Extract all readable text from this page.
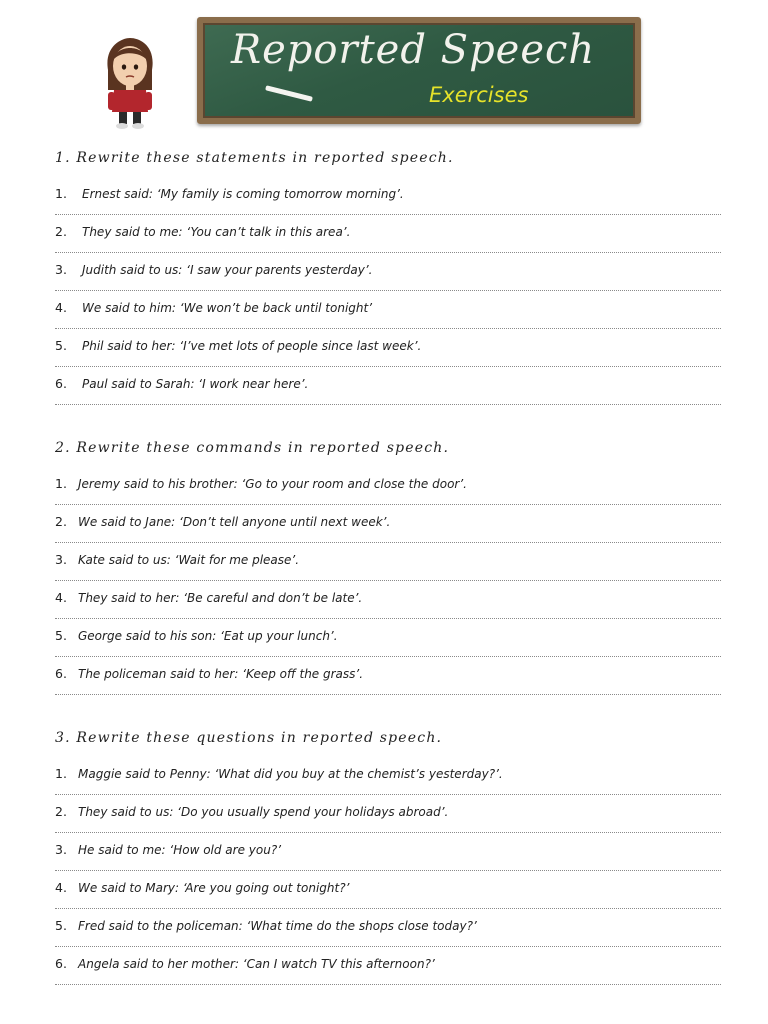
Reported Speech
Exercises
1. Rewrite these statements in reported speech.
1. Ernest said: ‘My family is coming tomorrow morning’.
2. They said to me: ‘You can’t talk in this area’.
3. Judith said to us: ‘I saw your parents yesterday’.
4. We said to him: ‘We won’t be back until tonight’
5. Phil said to her: ‘I’ve met lots of people since last week’.
6. Paul said to Sarah: ‘I work near here’.
2. Rewrite these commands in reported speech.
1. Jeremy said to his brother: ‘Go to your room and close the door’.
2. We said to Jane: ‘Don’t tell anyone until next week’.
3. Kate said to us: ‘Wait for me please’.
4. They said to her: ‘Be careful and don’t be late’.
5. George said to his son: ‘Eat up your lunch’.
6. The policeman said to her: ‘Keep off the grass’.
3. Rewrite these questions in reported speech.
1. Maggie said to Penny: ‘What did you buy at the chemist’s yesterday?’.
2. They said to us: ‘Do you usually spend your holidays abroad’.
3. He said to me: ‘How old are you?’
4. We said to Mary: ‘Are you going out tonight?’
5. Fred said to the policeman: ‘What time do the shops close today?’
6. Angela said to her mother: ‘Can I watch TV this afternoon?’
